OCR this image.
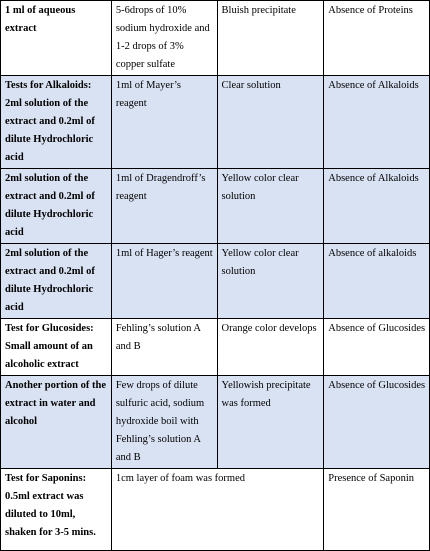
1 ml of aqueous extract	5-6drops of 10% sodium hydroxide and 1-2 drops of 3% copper sulfate	Bluish precipitate	Absence of Proteins
Tests for Alkaloids: 2ml solution of the extract and 0.2ml of dilute Hydrochloric acid	1ml of Mayer’s reagent	Clear solution	Absence of Alkaloids
2ml solution of the extract and 0.2ml of dilute Hydrochloric acid	1ml of Dragendroff’s reagent	Yellow color clear solution	Absence of Alkaloids
2ml solution of the extract and 0.2ml of dilute Hydrochloric acid	1ml of Hager’s reagent	Yellow color clear solution	Absence of alkaloids
Test for Glucosides: Small amount of an alcoholic extract	Fehling’s solution A and B	Orange color develops	Absence of Glucosides
Another portion of the extract in water and alcohol	Few drops of dilute sulfuric acid, sodium hydroxide boil with Fehling’s solution A and B	Yellowish precipitate was formed	Absence of Glucosides
Test for Saponins: 0.5ml extract was diluted to 10ml, shaken for 3-5 mins.	1cm layer of foam was formed		Presence of Saponin
